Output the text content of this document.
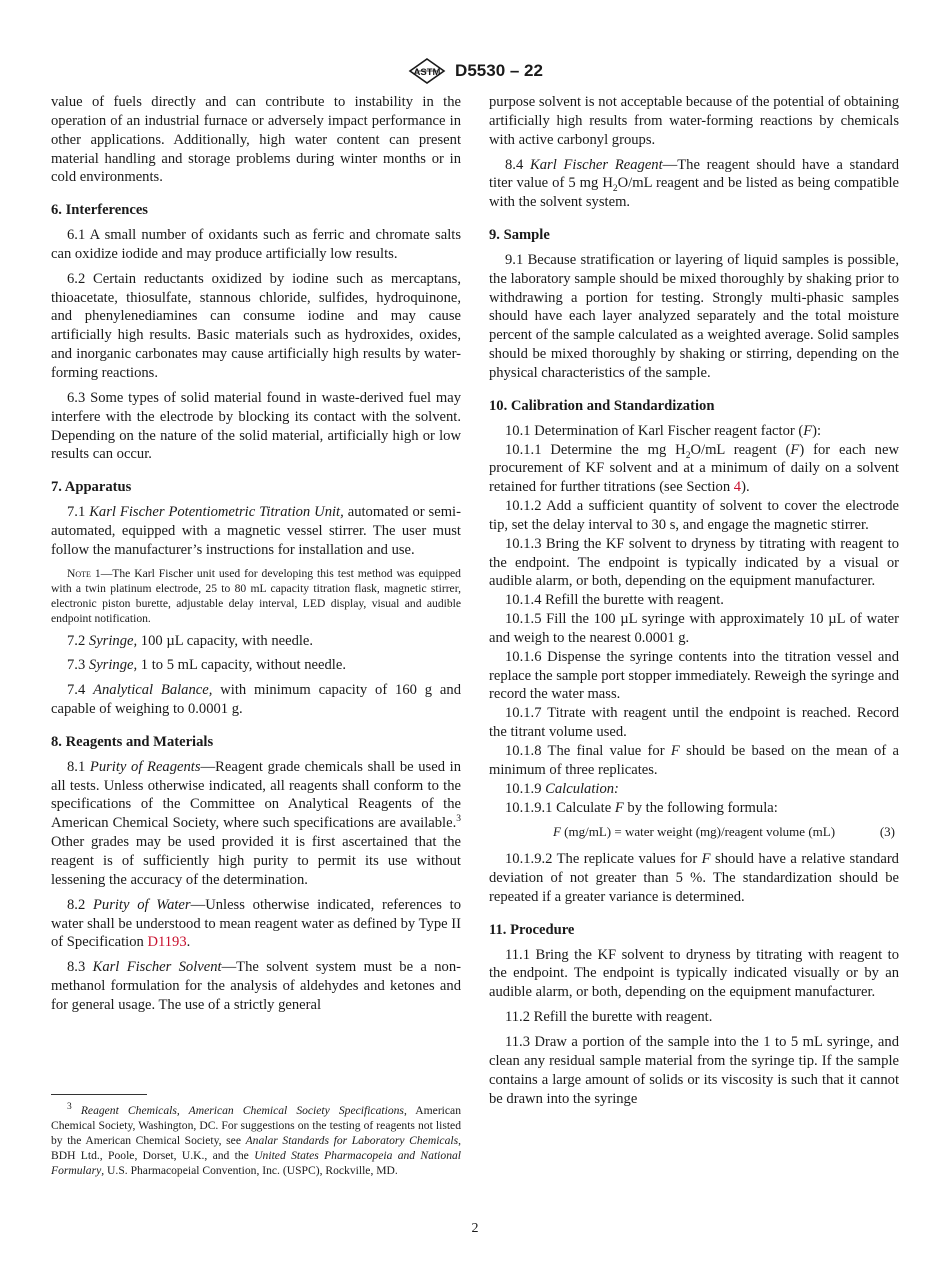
ASTM D5530 – 22

value of fuels directly and can contribute to instability in the operation of an industrial furnace or adversely impact performance in other applications. Additionally, high water content can present material handling and storage problems during winter months or in cold environments.

6. Interferences

6.1 A small number of oxidants such as ferric and chromate salts can oxidize iodide and may produce artificially low results.

6.2 Certain reductants oxidized by iodine such as mercaptans, thioacetate, thiosulfate, stannous chloride, sulfides, hydroquinone, and phenylenediamines can consume iodine and may cause artificially high results. Basic materials such as hydroxides, oxides, and inorganic carbonates may cause artificially high results by water-forming reactions.

6.3 Some types of solid material found in waste-derived fuel may interfere with the electrode by blocking its contact with the solvent. Depending on the nature of the solid material, artificially high or low results can occur.

7. Apparatus

7.1 Karl Fischer Potentiometric Titration Unit, automated or semi-automated, equipped with a magnetic vessel stirrer. The user must follow the manufacturer’s instructions for installation and use.

Note 1—The Karl Fischer unit used for developing this test method was equipped with a twin platinum electrode, 25 to 80 mL capacity titration flask, magnetic stirrer, electronic piston burette, adjustable delay interval, LED display, visual and audible endpoint notification.

7.2 Syringe, 100 µL capacity, with needle.

7.3 Syringe, 1 to 5 mL capacity, without needle.

7.4 Analytical Balance, with minimum capacity of 160 g and capable of weighing to 0.0001 g.

8. Reagents and Materials

8.1 Purity of Reagents—Reagent grade chemicals shall be used in all tests. Unless otherwise indicated, all reagents shall conform to the specifications of the Committee on Analytical Reagents of the American Chemical Society, where such specifications are available.$^3$ Other grades may be used provided it is first ascertained that the reagent is of sufficiently high purity to permit its use without lessening the accuracy of the determination.

8.2 Purity of Water—Unless otherwise indicated, references to water shall be understood to mean reagent water as defined by Type II of Specification D1193.

8.3 Karl Fischer Solvent—The solvent system must be a non-methanol formulation for the analysis of aldehydes and ketones and for general usage. The use of a strictly general

$^3$ Reagent Chemicals, American Chemical Society Specifications, American Chemical Society, Washington, DC. For suggestions on the testing of reagents not listed by the American Chemical Society, see Analar Standards for Laboratory Chemicals, BDH Ltd., Poole, Dorset, U.K., and the United States Pharmacopeia and National Formulary, U.S. Pharmacopeial Convention, Inc. (USPC), Rockville, MD.

purpose solvent is not acceptable because of the potential of obtaining artificially high results from water-forming reactions by chemicals with active carbonyl groups.

8.4 Karl Fischer Reagent—The reagent should have a standard titer value of 5 mg $H_2O/mL$ reagent and be listed as being compatible with the solvent system.

9. Sample

9.1 Because stratification or layering of liquid samples is possible, the laboratory sample should be mixed thoroughly by shaking prior to withdrawing a portion for testing. Strongly multi-phasic samples should have each layer analyzed separately and the total moisture percent of the sample calculated as a weighted average. Solid samples should be mixed thoroughly by shaking or stirring, depending on the physical characteristics of the sample.

10. Calibration and Standardization

10.1 Determination of Karl Fischer reagent factor (F):

10.1.1 Determine the mg $H_2O/mL$ reagent (F) for each new procurement of KF solvent and at a minimum of daily on a solvent retained for further titrations (see Section 4).

10.1.2 Add a sufficient quantity of solvent to cover the electrode tip, set the delay interval to 30 s, and engage the magnetic stirrer.

10.1.3 Bring the KF solvent to dryness by titrating with reagent to the endpoint. The endpoint is typically indicated by a visual or audible alarm, or both, depending on the equipment manufacturer.

10.1.4 Refill the burette with reagent.

10.1.5 Fill the 100 µL syringe with approximately 10 µL of water and weigh to the nearest 0.0001 g.

10.1.6 Dispense the syringe contents into the titration vessel and replace the sample port stopper immediately. Reweigh the syringe and record the water mass.

10.1.7 Titrate with reagent until the endpoint is reached. Record the titrant volume used.

10.1.8 The final value for F should be based on the mean of a minimum of three replicates.

10.1.9 Calculation:

10.1.9.1 Calculate F by the following formula:

F (mg/mL) = water weight (mg)/reagent volume (mL)	(3)

10.1.9.2 The replicate values for F should have a relative standard deviation of not greater than 5 %. The standardization should be repeated if a greater variance is determined.

11. Procedure

11.1 Bring the KF solvent to dryness by titrating with reagent to the endpoint. The endpoint is typically indicated visually or by an audible alarm, or both, depending on the equipment manufacturer.

11.2 Refill the burette with reagent.

11.3 Draw a portion of the sample into the 1 to 5 mL syringe, and clean any residual sample material from the syringe tip. If the sample contains a large amount of solids or its viscosity is such that it cannot be drawn into the syringe

2
